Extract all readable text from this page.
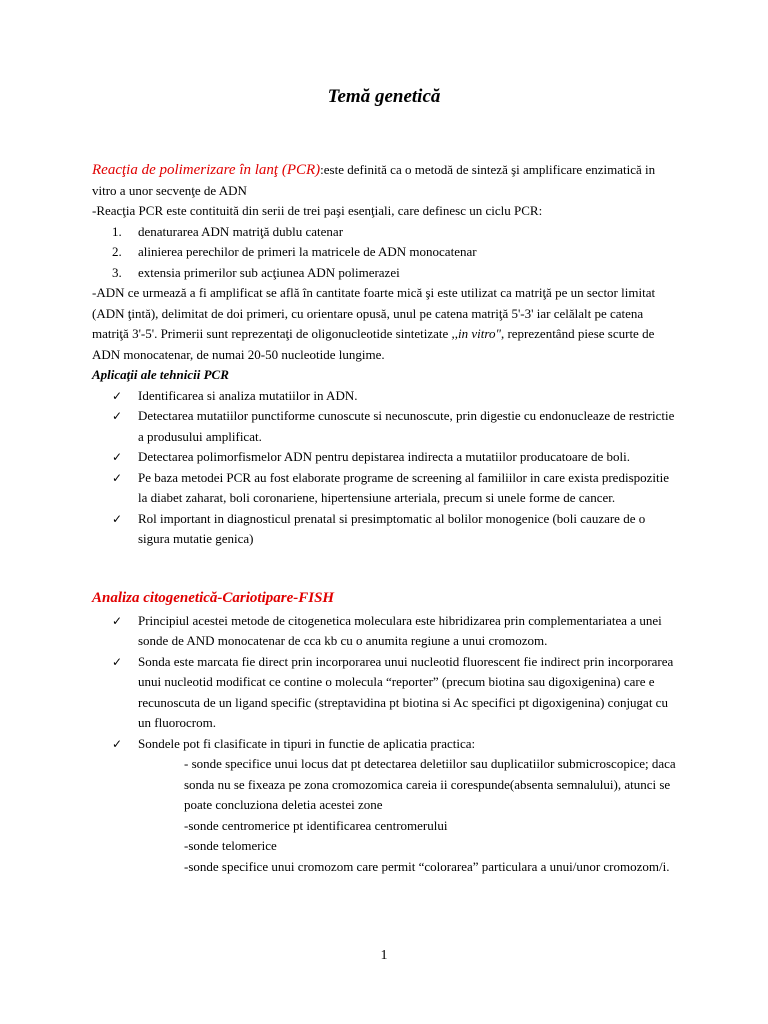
Temă genetică
Reacţia de polimerizare în lanţ (PCR):este definită ca o metodă de sinteză şi amplificare enzimatică in
vitro a unor secvenţe de ADN
-Reacţia PCR este contituită din serii de trei paşi esenţiali, care definesc un ciclu PCR:
1.	denaturarea ADN matriţă dublu catenar
2.	alinierea perechilor de primeri la matricele de ADN monocatenar
3.	extensia primerilor sub acţiunea ADN polimerazei
-ADN ce urmează a fi amplificat se află în cantitate foarte mică şi este utilizat ca matriţă pe un sector limitat
(ADN ţintă), delimitat de doi primeri, cu orientare opusă, unul pe catena matriţă 5'-3' iar celălalt pe catena
matriţă 3'-5'. Primerii sunt reprezentaţi de oligonucleotide sintetizate ,,in vitro", reprezentând piese scurte de
ADN monocatenar, de numai 20-50 nucleotide lungime.
Aplicaţii ale tehnicii PCR
✓ Identificarea si analiza mutatiilor in ADN.
✓ Detectarea mutatiilor punctiforme cunoscute si necunoscute, prin digestie cu endonucleaze de restrictie
a produsului amplificat.
✓ Detectarea polimorfismelor ADN pentru depistarea indirecta a mutatiilor producatoare de boli.
✓ Pe baza metodei PCR au fost elaborate programe de screening al familiilor in care exista predispozitie
la diabet zaharat, boli coronariene, hipertensiune arteriala, precum si unele forme de cancer.
✓ Rol important in diagnosticul prenatal si presimptomatic al bolilor monogenice (boli cauzare de o
sigura mutatie genica)
Analiza citogenetică-Cariotipare-FISH
✓ Principiul acestei metode de citogenetica moleculara este hibridizarea prin complementariatea a unei
sonde de AND monocatenar de cca kb cu o anumita regiune a unui cromozom.
✓ Sonda este marcata fie direct prin incorporarea unui nucleotid fluorescent fie indirect prin incorporarea
unui nucleotid modificat ce contine o molecula “reporter” (precum biotina sau digoxigenina) care e
recunoscuta de un ligand specific (streptavidina pt biotina si Ac specifici pt digoxigenina) conjugat cu
un fluorocrom.
✓ Sondele pot fi clasificate in tipuri in functie de aplicatia practica:
- sonde specifice unui locus dat pt detectarea deletiilor sau duplicatiilor submicroscopice; daca
sonda nu se fixeaza pe zona cromozomica careia ii corespunde(absenta semnalului), atunci se
poate concluziona deletia acestei zone
-sonde centromerice pt identificarea centromerului
-sonde telomerice
-sonde specifice unui cromozom care permit “colorarea” particulara a unui/unor cromozom/i.
1
